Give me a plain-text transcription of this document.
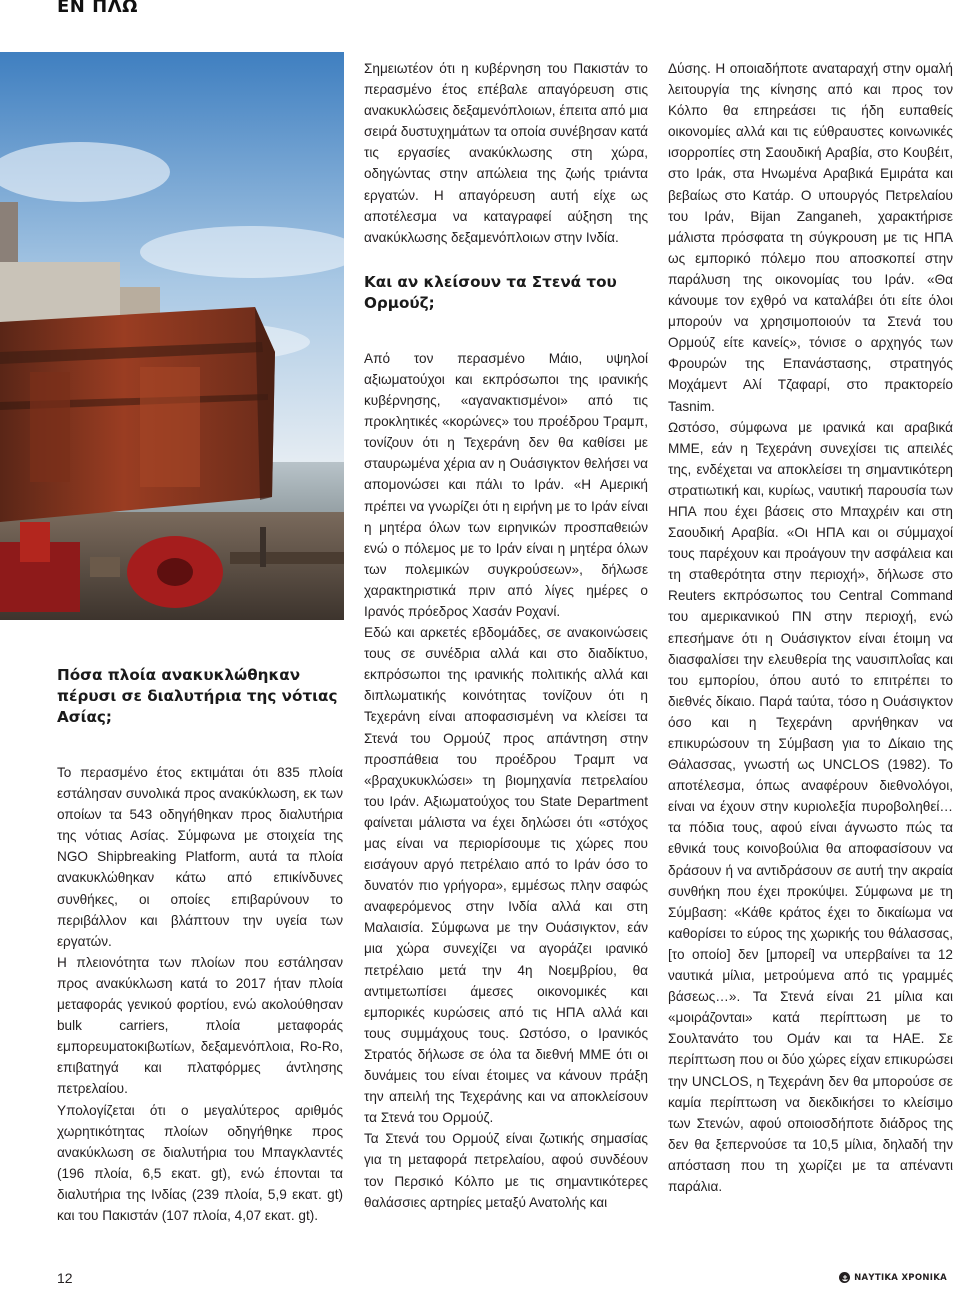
ΕΝ ΠΛΩ
Πόσα πλοία ανακυκλώθηκαν πέρυσι σε διαλυτήρια της νότιας Ασίας;

Το περασμένο έτος εκτιμάται ότι 835 πλοία εστάλησαν συνολικά προς ανακύκλωση, εκ των οποίων τα 543 οδηγήθηκαν προς διαλυτήρια της νότιας Ασίας. Σύμφωνα με στοιχεία της NGO Shipbreaking Platform, αυτά τα πλοία ανακυκλώθηκαν κάτω από επικίνδυνες συνθήκες, οι οποίες επιβαρύνουν το περιβάλλον και βλάπτουν την υγεία των εργατών.

Η πλειονότητα των πλοίων που εστάλησαν προς ανακύκλωση κατά το 2017 ήταν πλοία μεταφοράς γενικού φορτίου, ενώ ακολούθησαν bulk carriers, πλοία μεταφοράς εμπορευματοκιβωτίων, δεξαμενόπλοια, Ro-Ro, επιβατηγά και πλατφόρμες άντλησης πετρελαίου.

Υπολογίζεται ότι ο μεγαλύτερος αριθμός χωρητικότητας πλοίων οδηγήθηκε προς ανακύκλωση σε διαλυτήρια του Μπαγκλαντές (196 πλοία, 6,5 εκατ. gt), ενώ έπονται τα διαλυτήρια της Ινδίας (239 πλοία, 5,9 εκατ. gt) και του Πακιστάν (107 πλοία, 4,07 εκατ. gt).

Σημειωτέον ότι η κυβέρνηση του Πακιστάν το περασμένο έτος επέβαλε απαγόρευση στις ανακυκλώσεις δεξαμενόπλοιων, έπειτα από μια σειρά δυστυχημάτων τα οποία συνέβησαν κατά τις εργασίες ανακύκλωσης στη χώρα, οδηγώντας στην απώλεια της ζωής τριάντα εργατών. Η απαγόρευση αυτή είχε ως αποτέλεσμα να καταγραφεί αύξηση της ανακύκλωσης δεξαμενόπλοιων στην Ινδία.

Και αν κλείσουν τα Στενά του Ορμούζ;

Από τον περασμένο Μάιο, υψηλοί αξιωματούχοι και εκπρόσωποι της ιρανικής κυβέρνησης, «αγανακτισμένοι» από τις προκλητικές «κορώνες» του προέδρου Τραμπ, τονίζουν ότι η Τεχεράνη δεν θα καθίσει με σταυρωμένα χέρια αν η Ουάσιγκτον θελήσει να απομονώσει και πάλι το Ιράν. «Η Αμερική πρέπει να γνωρίζει ότι η ειρήνη με το Ιράν είναι η μητέρα όλων των ειρηνικών προσπαθειών ενώ ο πόλεμος με το Ιράν είναι η μητέρα όλων των πολεμικών συγκρούσεων», δήλωσε χαρακτηριστικά πριν από λίγες ημέρες ο Ιρανός πρόεδρος Χασάν Ροχανί.

Εδώ και αρκετές εβδομάδες, σε ανακοινώσεις τους σε συνέδρια αλλά και στο διαδίκτυο, εκπρόσωποι της ιρανικής πολιτικής αλλά και διπλωματικής κοινότητας τονίζουν ότι η Τεχεράνη είναι αποφασισμένη να κλείσει τα Στενά του Ορμούζ προς απάντηση στην προσπάθεια του προέδρου Τραμπ να «βραχυκυκλώσει» τη βιομηχανία πετρελαίου του Ιράν. Αξιωματούχος του State Department φαίνεται μάλιστα να έχει δηλώσει ότι «στόχος μας είναι να περιορίσουμε τις χώρες που εισάγουν αργό πετρέλαιο από το Ιράν όσο το δυνατόν πιο γρήγορα», εμμέσως πλην σαφώς αναφερόμενος στην Ινδία αλλά και στη Μαλαισία. Σύμφωνα με την Ουάσιγκτον, εάν μια χώρα συνεχίζει να αγοράζει ιρανικό πετρέλαιο μετά την 4η Νοεμβρίου, θα αντιμετωπίσει άμεσες οικονομικές και εμπορικές κυρώσεις από τις ΗΠΑ αλλά και τους συμμάχους τους. Ωστόσο, ο Ιρανικός Στρατός δήλωσε σε όλα τα διεθνή ΜΜΕ ότι οι δυνάμεις του είναι έτοιμες να κάνουν πράξη την απειλή της Τεχεράνης και να αποκλείσουν τα Στενά του Ορμούζ.

Τα Στενά του Ορμούζ είναι ζωτικής σημασίας για τη μεταφορά πετρελαίου, αφού συνδέουν τον Περσικό Κόλπο με τις σημαντικότερες θαλάσσιες αρτηρίες μεταξύ Ανατολής και

Δύσης. Η οποιαδήποτε αναταραχή στην ομαλή λειτουργία της κίνησης από και προς τον Κόλπο θα επηρεάσει τις ήδη ευπαθείς οικονομίες αλλά και τις εύθραυστες κοινωνικές ισορροπίες στη Σαουδική Αραβία, στο Κουβέιτ, στο Ιράκ, στα Ηνωμένα Αραβικά Εμιράτα και βεβαίως στο Κατάρ. Ο υπουργός Πετρελαίου του Ιράν, Bijan Zanganeh, χαρακτήρισε μάλιστα πρόσφατα τη σύγκρουση με τις ΗΠΑ ως εμπορικό πόλεμο που αποσκοπεί στην παράλυση της οικονομίας του Ιράν. «Θα κάνουμε τον εχθρό να καταλάβει ότι είτε όλοι μπορούν να χρησιμοποιούν τα Στενά του Ορμούζ είτε κανείς», τόνισε ο αρχηγός των Φρουρών της Επανάστασης, στρατηγός Μοχάμεντ Αλί Τζαφαρί, στο πρακτορείο Tasnim.

Ωστόσο, σύμφωνα με ιρανικά και αραβικά ΜΜΕ, εάν η Τεχεράνη συνεχίσει τις απειλές της, ενδέχεται να αποκλείσει τη σημαντικότερη στρατιωτική και, κυρίως, ναυτική παρουσία των ΗΠΑ που έχει βάσεις στο Μπαχρέιν και στη Σαουδική Αραβία. «Οι ΗΠΑ και οι σύμμαχοί τους παρέχουν και προάγουν την ασφάλεια και τη σταθερότητα στην περιοχή», δήλωσε στο Reuters εκπρόσωπος του Central Command του αμερικανικού ΠΝ στην περιοχή, ενώ επεσήμανε ότι η Ουάσιγκτον είναι έτοιμη να διασφαλίσει την ελευθερία της ναυσιπλοΐας και του εμπορίου, όπου αυτό το επιτρέπει το διεθνές δίκαιο. Παρά ταύτα, τόσο η Ουάσιγκτον όσο και η Τεχεράνη αρνήθηκαν να επικυρώσουν τη Σύμβαση για το Δίκαιο της Θάλασσας, γνωστή ως UNCLOS (1982). Το αποτέλεσμα, όπως αναφέρουν διεθνολόγοι, είναι να έχουν στην κυριολεξία πυροβοληθεί… τα πόδια τους, αφού είναι άγνωστο πώς τα εθνικά τους κοινοβούλια θα αποφασίσουν να δράσουν ή να αντιδράσουν σε αυτή την ακραία συνθήκη που έχει προκύψει. Σύμφωνα με τη Σύμβαση: «Κάθε κράτος έχει το δικαίωμα να καθορίσει το εύρος της χωρικής του θάλασσας, [το οποίο] δεν [μπορεί] να υπερβαίνει τα 12 ναυτικά μίλια, μετρούμενα από τις γραμμές βάσεως…». Τα Στενά είναι 21 μίλια και «μοιράζονται» κατά περίπτωση με το Σουλτανάτο του Ομάν και τα ΗΑΕ. Σε περίπτωση που οι δύο χώρες είχαν επικυρώσει την UNCLOS, η Τεχεράνη δεν θα μπορούσε σε καμία περίπτωση να διεκδικήσει το κλείσιμο των Στενών, αφού οποιοσδήποτε διάδρος της δεν θα ξεπερνούσε τα 10,5 μίλια, δηλαδή την απόσταση που τη χωρίζει με τα απέναντι παράλια.

12	ΝΑΥΤΙΚΑ ΧΡΟΝΙΚΑ
